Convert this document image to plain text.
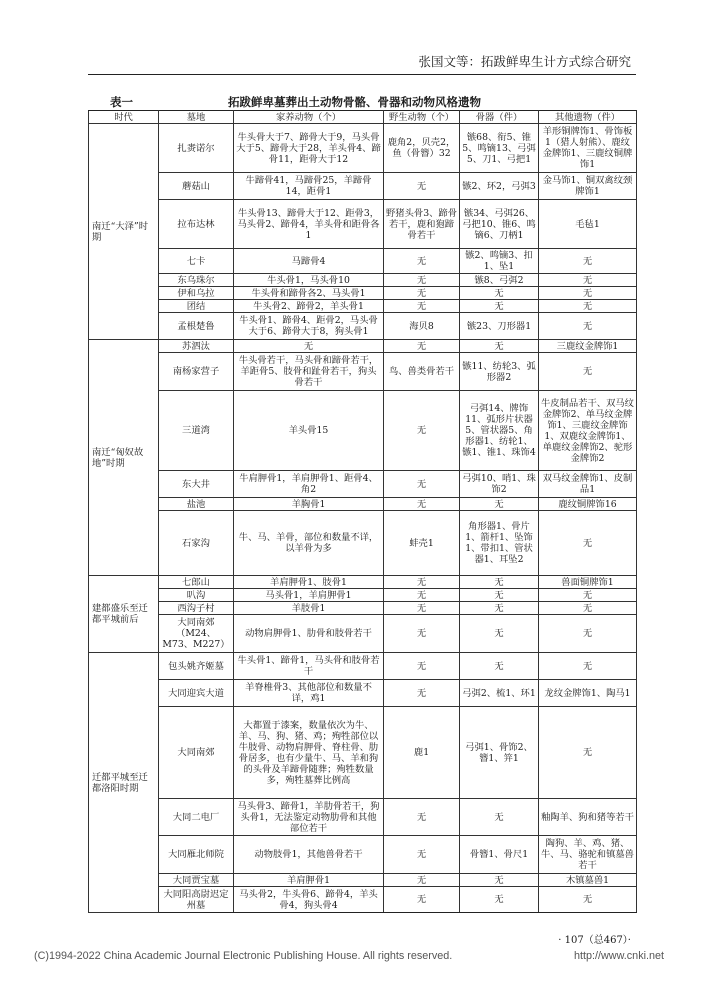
张国文等：拓跋鲜卑生计方式综合研究
表一	拓跋鲜卑墓葬出土动物骨骼、骨器和动物风格遗物
时代	墓地	家养动物（个）	野生动物（个）	骨器（件）	其他遗物（件）
南迁“大泽”时期	扎赉诺尔	牛头骨大于7、蹄骨大于9，马头骨大于5、蹄骨大于28，羊头骨4、蹄骨11，距骨大于12	鹿角2，贝壳2，鱼（骨簪）32	镞68、衔5、锥5、鸣镝13、弓弭5、刀1、弓把1	羊形铜牌饰1、骨饰板1（猎人射熊）、鹿纹金牌饰1、三鹿纹铜牌饰1
	蘑菇山	牛蹄骨41，马蹄骨25，羊蹄骨14，距骨1	无	镞2、环2，弓弭3	金马饰1、铜双禽纹颈牌饰1
	拉布达林	牛头骨13、蹄骨大于12、距骨3，马头骨2、蹄骨4，羊头骨和距骨各1	野猪头骨3、蹄骨若干，鹿和狍蹄骨若干	镞34、弓弭26、弓把10、锥6、鸣镝6、刀柄1	毛毡1
	七卡	马蹄骨4	无	镞2、鸣镝3、扣1、坠1	无
	东乌珠尔	牛头骨1，马头骨10	无	镞8、弓弭2	无
	伊和乌拉	牛头骨和蹄骨各2、马头骨1	无	无	无
	团结	牛头骨2、蹄骨2，羊头骨1	无	无	无
	孟根楚鲁	牛头骨1、蹄骨4、距骨2，马头骨大于6、蹄骨大于8，狗头骨1	海贝8	镞23、刀形器1	无
南迁“匈奴故地”时期	苏泗汰	无	无	无	三鹿纹金牌饰1
	南杨家营子	牛头骨若干，马头骨和蹄骨若干，羊距骨5、肢骨和趾骨若干，狗头骨若干	鸟、兽类骨若干	镞11、纺轮3、弧形器2	无
	三道湾	羊头骨15	无	弓弭14、牌饰11、弧形片状器5、管状器5、角形器1、纺轮1、镞1、锥1、珠饰4	牛皮制品若干、双马纹金牌饰2、单马纹金牌饰1、三鹿纹金牌饰1、双鹿纹金牌饰1、单鹿纹金牌饰2、驼形金牌饰2
	东大井	牛肩胛骨1，羊肩胛骨1、距骨4、角2	无	弓弭10、哨1、珠饰2	双马纹金牌饰1、皮制品1
	盐池	羊胸骨1	无	无	鹿纹铜牌饰16
	石家沟	牛、马、羊骨，部位和数量不详，以羊骨为多	蚌壳1	角形器1、骨片1、箭杆1、坠饰1、带扣1、管状器1、耳坠2	无
建都盛乐至迁都平城前后	七郎山	羊肩胛骨1、肢骨1	无	无	兽面铜牌饰1
	叭沟	马头骨1，羊肩胛骨1	无	无	无
	西沟子村	羊肢骨1	无	无	无
	大同南郊（M24、M73、M227）	动物肩胛骨1、肋骨和肢骨若干	无	无	无
迁都平城至迁都洛阳时期	包头姚齐姬墓	牛头骨1、蹄骨1，马头骨和肢骨若干	无	无	无
	大同迎宾大道	羊脊椎骨3、其他部位和数量不详，鸡1	无	弓弭2、梳1、环1	龙纹金牌饰1、陶马1
	大同南郊	大都置于漆案，数量依次为牛、羊、马、狗、猪、鸡；殉牲部位以牛肢骨、动物肩胛骨、脊柱骨、肋骨居多，也有少量牛、马、羊和狗的头骨及羊蹄骨随葬；殉牲数量多，殉牲墓葬比例高	鹿1	弓弭1、骨饰2、簪1、笄1	无
	大同二电厂	马头骨3、蹄骨1，羊肋骨若干，狗头骨1，无法鉴定动物肋骨和其他部位若干	无	无	釉陶羊、狗和猪等若干
	大同雁北师院	动物肢骨1，其他兽骨若干	无	骨簪1、骨尺1	陶狗、羊、鸡、猪、牛、马、骆驼和镇墓兽若干
	大同贾宝墓	羊肩胛骨1	无	无	木镇墓兽1
	大同阳高尉迟定州墓	马头骨2，牛头骨6、蹄骨4，羊头骨4，狗头骨4	无	无	无
· 107（总467）·
(C)1994-2022 China Academic Journal Electronic Publishing House. All rights reserved.	http://www.cnki.net
